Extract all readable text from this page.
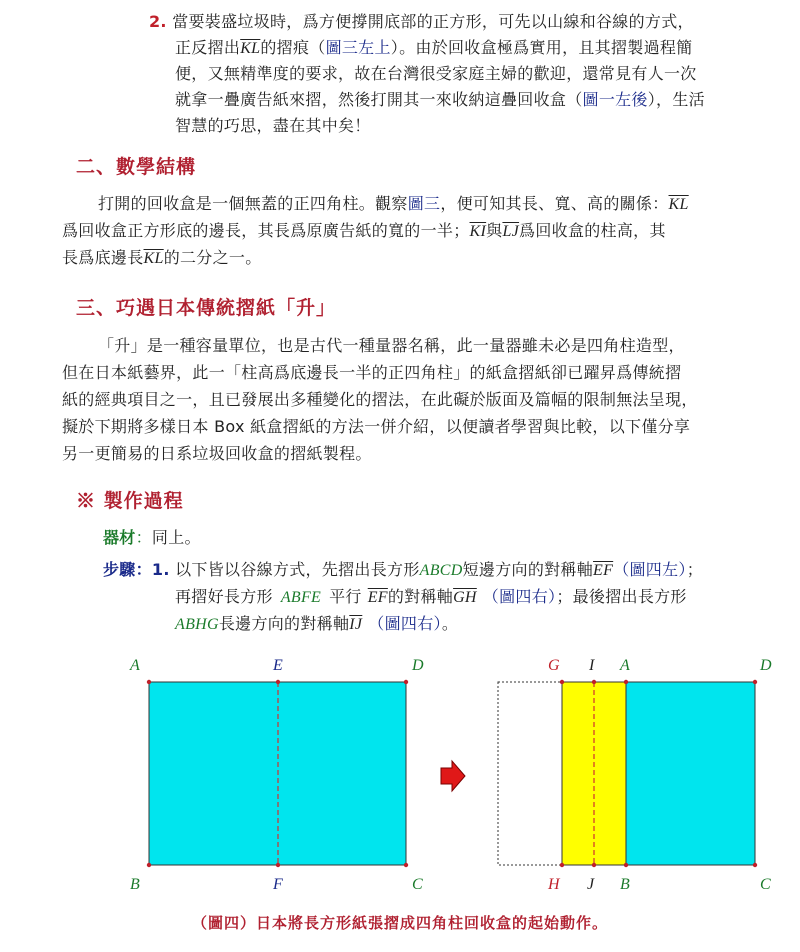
2. 當要裝盛垃圾時，爲方便撐開底部的正方形，可先以山線和谷線的方式，
正反摺出$\overline{KL}$的摺痕（圖三左上）。由於回收盒極爲實用，且其摺製過程簡
便，又無精準度的要求，故在台灣很受家庭主婦的歡迎，還常見有人一次
就拿一疊廣告紙來摺，然後打開其一來收納這疊回收盒（圖一左後），生活
智慧的巧思，盡在其中矣！
二、數學結構
打開的回收盒是一個無蓋的正四角柱。觀察圖三，便可知其長、寬、高的關係：$\overline{KL}$
爲回收盒正方形底的邊長，其長爲原廣告紙的寬的一半；$\overline{KI}$與$\overline{LJ}$爲回收盒的柱高，其
長爲底邊長$\overline{KL}$的二分之一。
三、巧遇日本傳統摺紙「升」
「升」是一種容量單位，也是古代一種量器名稱，此一量器雖未必是四角柱造型，
但在日本紙藝界，此一「柱高爲底邊長一半的正四角柱」的紙盒摺紙卻已躍昇爲傳統摺
紙的經典項目之一，且已發展出多種變化的摺法，在此礙於版面及篇幅的限制無法呈現，
擬於下期將多樣日本 Box 紙盒摺紙的方法一併介紹，以便讀者學習與比較，以下僅分享
另一更簡易的日系垃圾回收盒的摺紙製程。
※ 製作過程
器材：同上。
步驟：1. 以下皆以谷線方式，先摺出長方形ABCD短邊方向的對稱軸$\overline{EF}$（圖四左）；
再摺好長方形 ABFE 平行 $\overline{EF}$的對稱軸$\overline{GH}$ （圖四右）；最後摺出長方形
ABHG長邊方向的對稱軸$\overline{IJ}$ （圖四右）。
A	E	D
B	F	C
G I A	D
H J B	C
（圖四）日本將長方形紙張摺成四角柱回收盒的起始動作。
